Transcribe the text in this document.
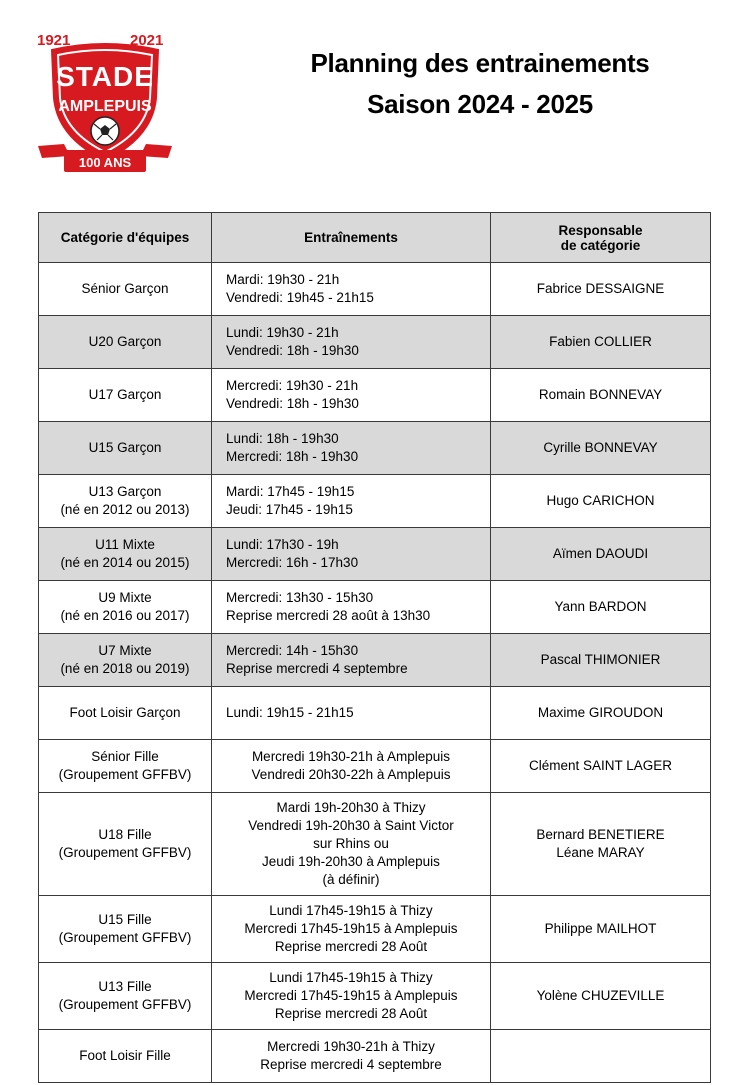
1921	2021
STADE
AMPLEPUIS
100 ANS
Planning des entrainements
Saison 2024 - 2025
Catégorie d'équipes	Entraînements	Responsable
de catégorie

Sénior Garçon	Mardi: 19h30 - 21h
Vendredi: 19h45 - 21h15	Fabrice DESSAIGNE

U20 Garçon	Lundi: 19h30 - 21h
Vendredi: 18h - 19h30	Fabien COLLIER

U17 Garçon	Mercredi: 19h30 - 21h
Vendredi: 18h - 19h30	Romain BONNEVAY

U15 Garçon	Lundi: 18h - 19h30
Mercredi: 18h - 19h30	Cyrille BONNEVAY

U13 Garçon
(né en 2012 ou 2013)	Mardi: 17h45 - 19h15
Jeudi: 17h45 - 19h15	Hugo CARICHON

U11 Mixte
(né en 2014 ou 2015)	Lundi: 17h30 - 19h
Mercredi: 16h - 17h30	Aïmen DAOUDI

U9 Mixte
(né en 2016 ou 2017)	Mercredi: 13h30 - 15h30
Reprise mercredi 28 août à 13h30	Yann BARDON

U7 Mixte
(né en 2018 ou 2019)	Mercredi: 14h - 15h30
Reprise mercredi 4 septembre	Pascal THIMONIER

Foot Loisir Garçon	Lundi: 19h15 - 21h15	Maxime GIROUDON

Sénior Fille
(Groupement GFFBV)	Mercredi 19h30-21h à Amplepuis
Vendredi 20h30-22h à Amplepuis	Clément SAINT LAGER

U18 Fille
(Groupement GFFBV)	Mardi 19h-20h30 à Thizy
Vendredi 19h-20h30 à Saint Victor
sur Rhins ou
Jeudi 19h-20h30 à Amplepuis
(à définir)	Bernard BENETIERE
Léane MARAY

U15 Fille
(Groupement GFFBV)	Lundi 17h45-19h15 à Thizy
Mercredi 17h45-19h15 à Amplepuis
Reprise mercredi 28 Août	Philippe MAILHOT

U13 Fille
(Groupement GFFBV)	Lundi 17h45-19h15 à Thizy
Mercredi 17h45-19h15 à Amplepuis
Reprise mercredi 28 Août	Yolène CHUZEVILLE

Foot Loisir Fille	Mercredi 19h30-21h à Thizy
Reprise mercredi 4 septembre	
